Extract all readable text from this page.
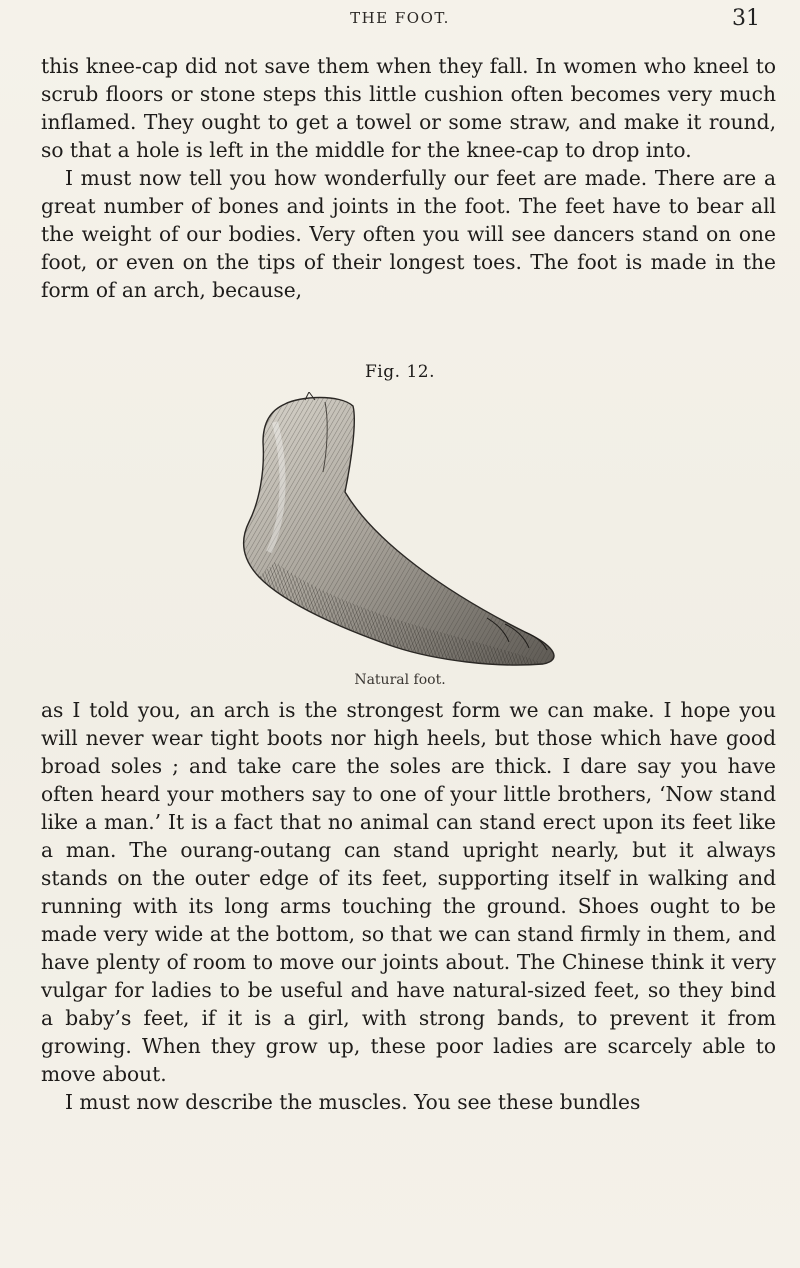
THE FOOT.	31

this knee-cap did not save them when they fall. In women who kneel to scrub floors or stone steps this little cushion often becomes very much inflamed. They ought to get a towel or some straw, and make it round, so that a hole is left in the middle for the knee-cap to drop into.

I must now tell you how wonderfully our feet are made. There are a great number of bones and joints in the foot. The feet have to bear all the weight of our bodies. Very often you will see dancers stand on one foot, or even on the tips of their longest toes. The foot is made in the form of an arch, because,

Fig. 12.
Natural foot.

as I told you, an arch is the strongest form we can make. I hope you will never wear tight boots nor high heels, but those which have good broad soles ; and take care the soles are thick. I dare say you have often heard your mothers say to one of your little brothers, ‘Now stand like a man.’ It is a fact that no animal can stand erect upon its feet like a man. The ourang-outang can stand upright nearly, but it always stands on the outer edge of its feet, supporting itself in walking and running with its long arms touching the ground. Shoes ought to be made very wide at the bottom, so that we can stand firmly in them, and have plenty of room to move our joints about. The Chinese think it very vulgar for ladies to be useful and have natural-sized feet, so they bind a baby’s feet, if it is a girl, with strong bands, to prevent it from growing. When they grow up, these poor ladies are scarcely able to move about.

I must now describe the muscles. You see these bundles
